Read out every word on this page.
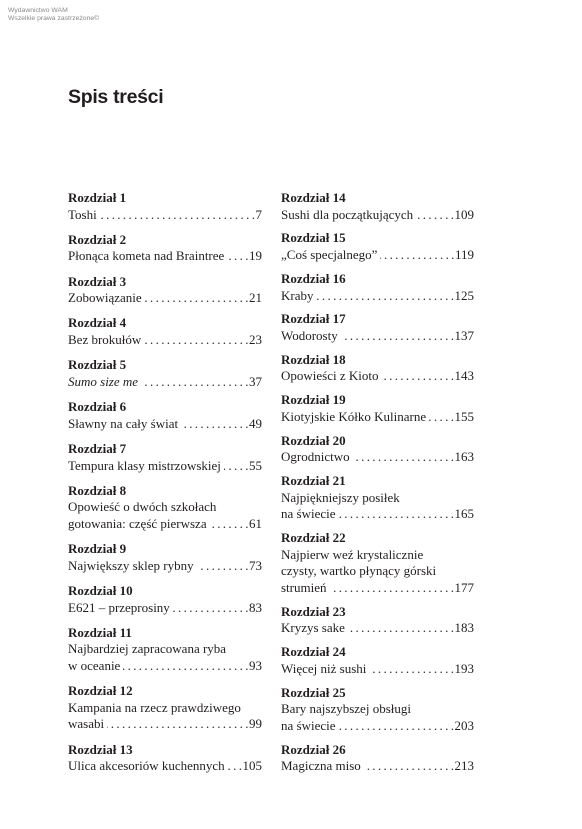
Wydawnictwo WAM
Wszelkie prawa zastrzeżone©
Spis treści
Rozdział 1
Toshi . . .	7
Rozdział 2
Płonąca kometa nad Braintree . . . 19
Rozdział 3
Zobowiązanie . . .	21
Rozdział 4
Bez brokułów . . .	23
Rozdział 5
Sumo size me . . .	37
Rozdział 6
Sławny na cały świat . . .	49
Rozdział 7
Tempura klasy mistrzowskiej . . . 55
Rozdział 8
Opowieść o dwóch szkołach
gotowania: część pierwsza . . .	61
Rozdział 9
Największy sklep rybny . . .	73
Rozdział 10
E621 – przeprosiny . . .	83
Rozdział 11
Najbardziej zapracowana ryba
w oceanie . . .	93
Rozdział 12
Kampania na rzecz prawdziwego
wasabi . . .	99
Rozdział 13
Ulica akcesoriów kuchennych . . . 105
Rozdział 14
Sushi dla początkujących . . .	109
Rozdział 15
„Coś specjalnego” . . .	119
Rozdział 16
Kraby . . .	125
Rozdział 17
Wodorosty . . .	137
Rozdział 18
Opowieści z Kioto . . .	143
Rozdział 19
Kiotyjskie Kółko Kulinarne . . . 155
Rozdział 20
Ogrodnictwo . . .	163
Rozdział 21
Najpiękniejszy posiłek
na świecie . . .	165
Rozdział 22
Najpierw weź krystalicznie
czysty, wartko płynący górski
strumień . . .	177
Rozdział 23
Kryzys sake . . .	183
Rozdział 24
Więcej niż sushi . . .	193
Rozdział 25
Bary najszybszej obsługi
na świecie . . .	203
Rozdział 26
Magiczna miso . . .	213
